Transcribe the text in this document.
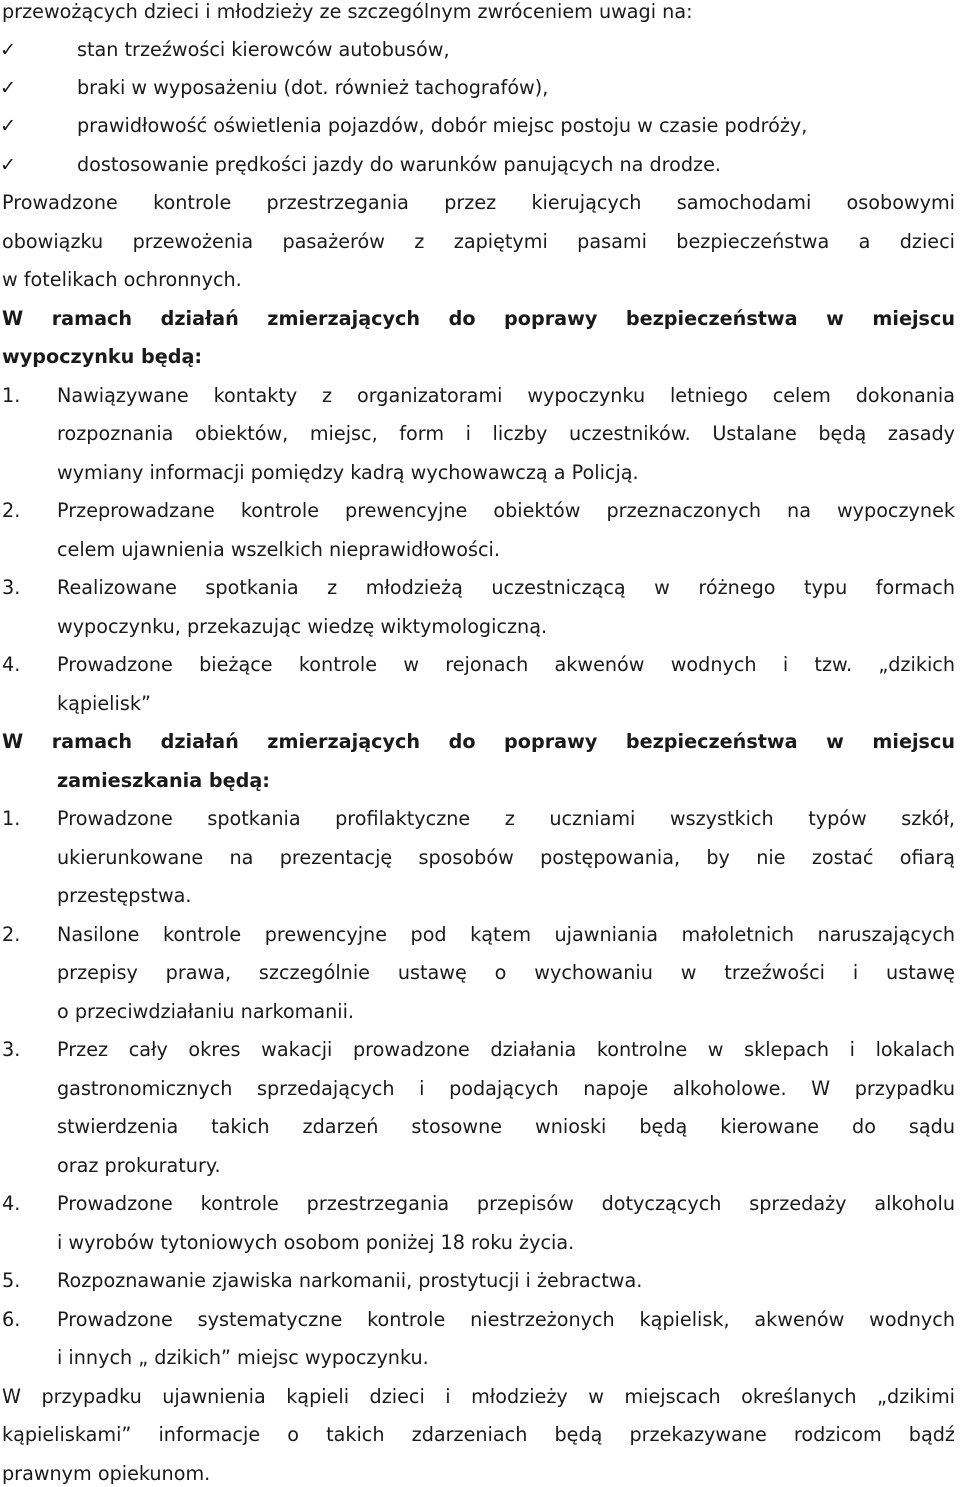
przewożących dzieci i młodzieży ze szczególnym zwróceniem uwagi na:
✓	stan trzeźwości kierowców autobusów,
✓	braki w wyposażeniu (dot. również tachografów),
✓	prawidłowość oświetlenia pojazdów, dobór miejsc postoju w czasie podróży,
✓	dostosowanie prędkości jazdy do warunków panujących na drodze.
Prowadzone kontrole przestrzegania przez kierujących samochodami osobowymi
obowiązku przewożenia pasażerów z zapiętymi pasami bezpieczeństwa a dzieci
w fotelikach ochronnych.
W ramach działań zmierzających do poprawy bezpieczeństwa w miejscu
wypoczynku będą:
1. Nawiązywane kontakty z organizatorami wypoczynku letniego celem dokonania
rozpoznania obiektów, miejsc, form i liczby uczestników. Ustalane będą zasady
wymiany informacji pomiędzy kadrą wychowawczą a Policją.
2. Przeprowadzane kontrole prewencyjne obiektów przeznaczonych na wypoczynek
celem ujawnienia wszelkich nieprawidłowości.
3. Realizowane spotkania z młodzieżą uczestniczącą w różnego typu formach
wypoczynku, przekazując wiedzę wiktymologiczną.
4. Prowadzone bieżące kontrole w rejonach akwenów wodnych i tzw. „dzikich
kąpielisk”
W ramach działań zmierzających do poprawy bezpieczeństwa w miejscu
zamieszkania będą:
1. Prowadzone spotkania profilaktyczne z uczniami wszystkich typów szkół,
ukierunkowane na prezentację sposobów postępowania, by nie zostać ofiarą
przestępstwa.
2. Nasilone kontrole prewencyjne pod kątem ujawniania małoletnich naruszających
przepisy prawa, szczególnie ustawę o wychowaniu w trzeźwości i ustawę
o przeciwdziałaniu narkomanii.
3. Przez cały okres wakacji prowadzone działania kontrolne w sklepach i lokalach
gastronomicznych sprzedających i podających napoje alkoholowe. W przypadku
stwierdzenia takich zdarzeń stosowne wnioski będą kierowane do sądu
oraz prokuratury.
4. Prowadzone kontrole przestrzegania przepisów dotyczących sprzedaży alkoholu
i wyrobów tytoniowych osobom poniżej 18 roku życia.
5. Rozpoznawanie zjawiska narkomanii, prostytucji i żebractwa.
6. Prowadzone systematyczne kontrole niestrzeżonych kąpielisk, akwenów wodnych
i innych „ dzikich” miejsc wypoczynku.
W przypadku ujawnienia kąpieli dzieci i młodzieży w miejscach określanych „dzikimi
kąpieliskami” informacje o takich zdarzeniach będą przekazywane rodzicom bądź
prawnym opiekunom.
